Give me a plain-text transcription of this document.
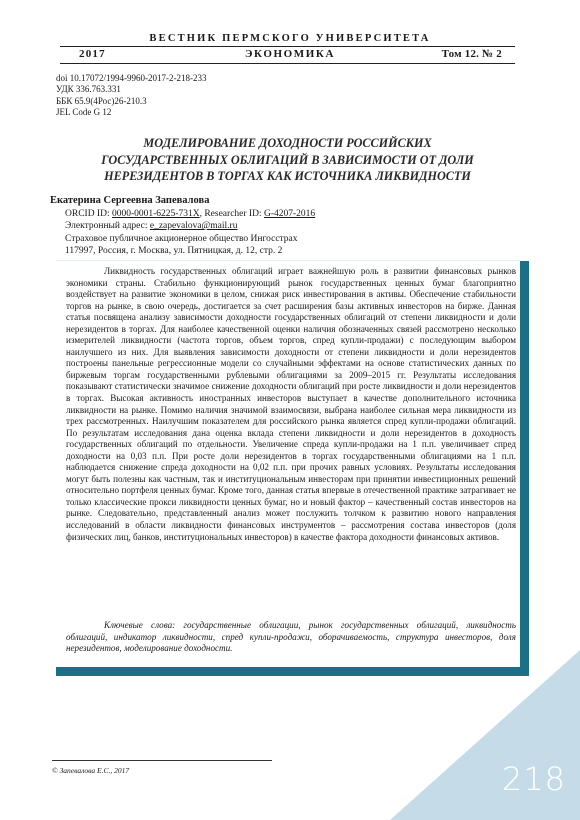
ВЕСТНИК ПЕРМСКОГО УНИВЕРСИТЕТА
2017	ЭКОНОМИКА	Том 12. № 2
doi 10.17072/1994-9960-2017-2-218-233
УДК 336.763.331
ББК 65.9(4Рос)26-210.3
JEL Code G 12
МОДЕЛИРОВАНИЕ ДОХОДНОСТИ РОССИЙСКИХ
ГОСУДАРСТВЕННЫХ ОБЛИГАЦИЙ В ЗАВИСИМОСТИ ОТ ДОЛИ
НЕРЕЗИДЕНТОВ В ТОРГАХ КАК ИСТОЧНИКА ЛИКВИДНОСТИ
Екатерина Сергеевна Запевалова
ORCID ID: 0000-0001-6225-731X, Researcher ID: G-4207-2016
Электронный адрес: e_zapevalova@mail.ru
Страховое публичное акционерное общество Ингосстрах
117997, Россия, г. Москва, ул. Пятницкая, д. 12, стр. 2
Ликвидность государственных облигаций играет важнейшую роль в развитии финансовых рынков экономики страны. Стабильно функционирующий рынок государственных ценных бумаг благоприятно воздействует на развитие экономики в целом, снижая риск инвестирования в активы. Обеспечение стабильности торгов на рынке, в свою очередь, достигается за счет расширения базы активных инвесторов на бирже. Данная статья посвящена анализу зависимости доходности государственных облигаций от степени ликвидности и доли нерезидентов в торгах. Для наиболее качественной оценки наличия обозначенных связей рассмотрено несколько измерителей ликвидности (частота торгов, объем торгов, спред купли-продажи) с последующим выбором наилучшего из них. Для выявления зависимости доходности от степени ликвидности и доли нерезидентов построены панельные регрессионные модели со случайными эффектами на основе статистических данных по биржевым торгам государственными рублевыми облигациями за 2009–2015 гг. Результаты исследования показывают статистически значимое снижение доходности облигаций при росте ликвидности и доли нерезидентов в торгах. Высокая активность иностранных инвесторов выступает в качестве дополнительного источника ликвидности на рынке. Помимо наличия значимой взаимосвязи, выбрана наиболее сильная мера ликвидности из трех рассмотренных. Наилучшим показателем для российского рынка является спред купли-продажи облигаций. По результатам исследования дана оценка вклада степени ликвидности и доли нерезидентов в доходность государственных облигаций по отдельности. Увеличение спреда купли-продажи на 1 п.п. увеличивает спред доходности на 0,03 п.п. При росте доли нерезидентов в торгах государственными облигациями на 1 п.п. наблюдается снижение спреда доходности на 0,02 п.п. при прочих равных условиях. Результаты исследования могут быть полезны как частным, так и институциональным инвесторам при принятии инвестиционных решений относительно портфеля ценных бумаг. Кроме того, данная статья впервые в отечественной практике затрагивает не только классические прокси ликвидности ценных бумаг, но и новый фактор – качественный состав инвесторов на рынке. Следовательно, представленный анализ может послужить толчком к развитию нового направления исследований в области ликвидности финансовых инструментов – рассмотрения состава инвесторов (доля физических лиц, банков, институциональных инвесторов) в качестве фактора доходности финансовых активов.
Ключевые слова: государственные облигации, рынок государственных облигаций, ликвидность облигаций, индикатор ликвидности, спред купли-продажи, оборачиваемость, структура инвесторов, доля нерезидентов, моделирование доходности.
218
© Запевалова Е.С., 2017
